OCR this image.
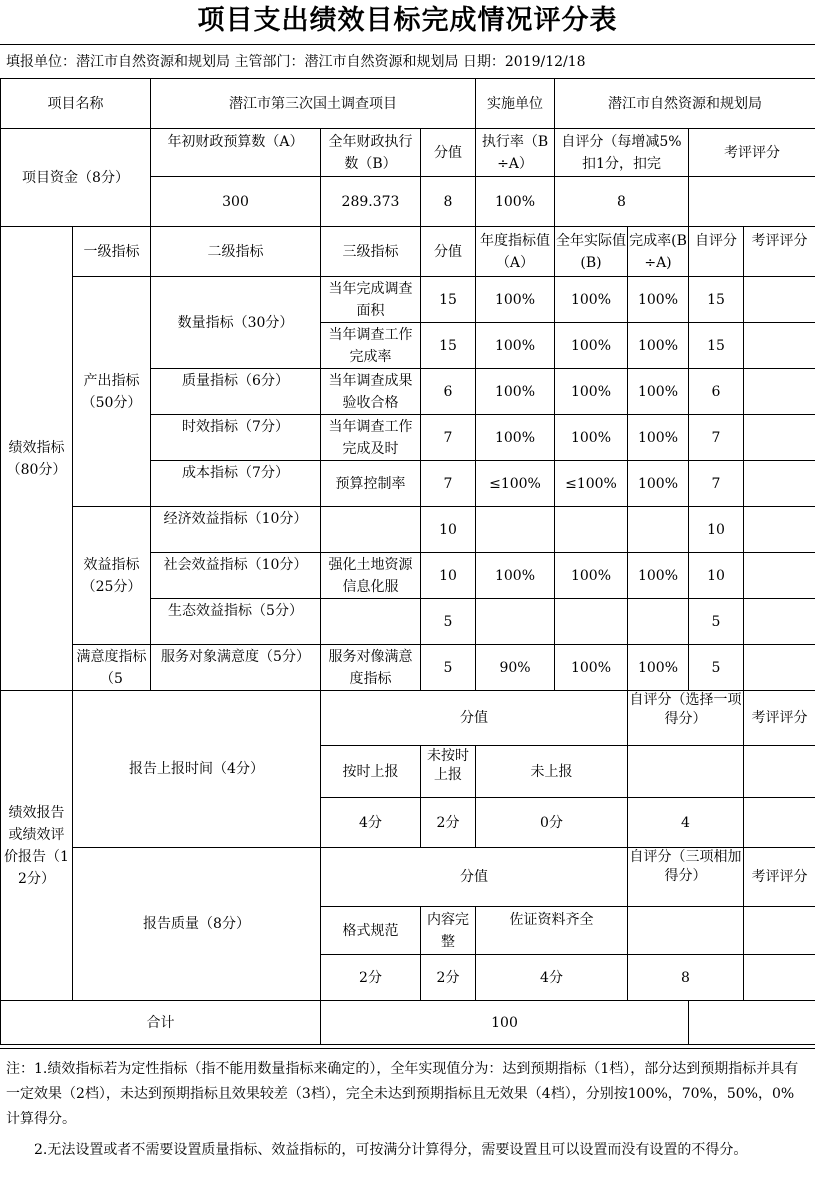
项目支出绩效目标完成情况评分表
填报单位：潜江市自然资源和规划局 主管部门：潜江市自然资源和规划局 日期：2019/12/18
项目名称		潜江市第三次国土调查项目			实施单位	潜江市自然资源和规划局			
项目资金（8分）		年初财政预算数（A）	全年财政执行数（B）	分值	执行率（B÷A）	自评分（每增减5%扣1分，扣完		考评评分	
		300	289.373	8	100%	8			
绩效指标（80分）	一级指标	二级指标	三级指标	分值	年度指标值（A）	全年实际值(B)	完成率(B÷A)	自评分	考评评分

	产出指标（50分）	数量指标（30分）	当年完成调查面积	15	100%	100%	100%	15	

			当年调查工作完成率	15	100%	100%	100%	15	

		质量指标（6分）	当年调查成果验收合格	6	100%	100%	100%	6	

		时效指标（7分）	当年调查工作完成及时	7	100%	100%	100%	7	

		成本指标（7分）	预算控制率	7	≤100%	≤100%	100%	7	
	效益指标（25分）	经济效益指标（10分）		10				10	

		社会效益指标（10分）	强化土地资源信息化服	10	100%	100%	100%	10	

		生态效益指标（5分）		5				5	

	满意度指标（5	服务对象满意度（5分）	服务对像满意度指标	5	90%	100%	100%	5	
绩效报告或绩效评价报告（12分）	报告上报时间（4分）		分值				自评分（选择一项得分）		考评评分
			按时上报	未按时上报	未上报				
			4分	2分	0分		4		
	报告质量（8分）		分值				自评分（三项相加得分）		考评评分
			格式规范	内容完整	佐证资料齐全				

			2分	2分	4分		8		
合计			100						

注：1.绩效指标若为定性指标（指不能用数量指标来确定的），全年实现值分为：达到预期指标（1档），部分达到预期指标并具有一定效果（2档），未达到预期指标且效果较差（3档），完全未达到预期指标且无效果（4档），分别按100%，70%，50%，0%计算得分。

2.无法设置或者不需要设置质量指标、效益指标的，可按满分计算得分，需要设置且可以设置而没有设置的不得分。
